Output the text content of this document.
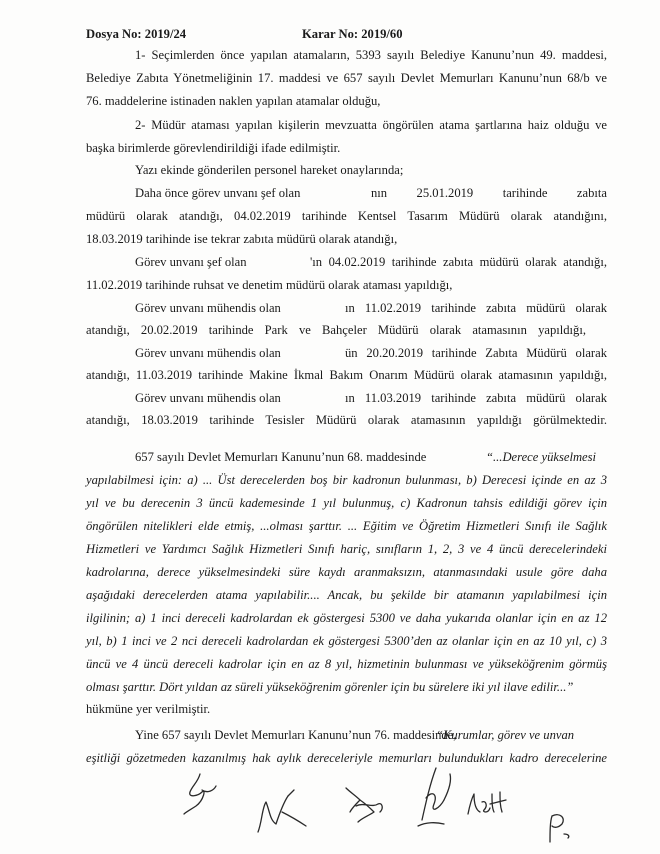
Dosya No: 2019/24	Karar No: 2019/60
1- Seçimlerden önce yapılan atamaların, 5393 sayılı Belediye Kanunu’nun 49. maddesi,
Belediye Zabıta Yönetmeliğinin 17. maddesi ve 657 sayılı Devlet Memurları Kanunu’nun 68/b ve
76. maddelerine istinaden naklen yapılan atamalar olduğu,
2- Müdür ataması yapılan kişilerin mevzuatta öngörülen atama şartlarına haiz olduğu ve
başka birimlerde görevlendirildiği ifade edilmiştir.
Yazı ekinde gönderilen personel hareket onaylarında;
Daha önce görev unvanı şef olan	nın 25.01.2019 tarihinde zabıta
müdürü olarak atandığı, 04.02.2019 tarihinde Kentsel Tasarım Müdürü olarak atandığını,
18.03.2019 tarihinde ise tekrar zabıta müdürü olarak atandığı,
Görev unvanı şef olan	'ın 04.02.2019 tarihinde zabıta müdürü olarak atandığı,
11.02.2019 tarihinde ruhsat ve denetim müdürü olarak ataması yapıldığı,
Görev unvanı mühendis olan	ın 11.02.2019 tarihinde zabıta müdürü olarak
atandığı, 20.02.2019 tarihinde Park ve Bahçeler Müdürü olarak atamasının yapıldığı,
Görev unvanı mühendis olan	ün 20.20.2019 tarihinde Zabıta Müdürü olarak
atandığı, 11.03.2019 tarihinde Makine İkmal Bakım Onarım Müdürü olarak atamasının yapıldığı,
Görev unvanı mühendis olan	ın 11.03.2019 tarihinde zabıta müdürü olarak
atandığı, 18.03.2019 tarihinde Tesisler Müdürü olarak atamasının yapıldığı görülmektedir.
657 sayılı Devlet Memurları Kanunu’nun 68. maddesinde	“...Derece yükselmesi
yapılabilmesi için: a) ... Üst derecelerden boş bir kadronun bulunması, b) Derecesi içinde en az 3
yıl ve bu derecenin 3 üncü kademesinde 1 yıl bulunmuş, c) Kadronun tahsis edildiği görev için
öngörülen nitelikleri elde etmiş, ...olması şarttır. ... Eğitim ve Öğretim Hizmetleri Sınıfı ile Sağlık
Hizmetleri ve Yardımcı Sağlık Hizmetleri Sınıfı hariç, sınıfların 1, 2, 3 ve 4 üncü derecelerindeki
kadrolarına, derece yükselmesindeki süre kaydı aranmaksızın, atanmasındaki usule göre daha
aşağıdaki derecelerden atama yapılabilir.... Ancak, bu şekilde bir atamanın yapılabilmesi için
ilgilinin; a) 1 inci dereceli kadrolardan ek göstergesi 5300 ve daha yukarıda olanlar için en az 12
yıl, b) 1 inci ve 2 nci dereceli kadrolardan ek göstergesi 5300’den az olanlar için en az 10 yıl, c) 3
üncü ve 4 üncü dereceli kadrolar için en az 8 yıl, hizmetinin bulunması ve yükseköğrenim görmüş
olması şarttır. Dört yıldan az süreli yükseköğrenim görenler için bu sürelere iki yıl ilave edilir...”
hükmüne yer verilmiştir.
Yine 657 sayılı Devlet Memurları Kanunu’nun 76. maddesinde,
“Kurumlar, görev ve unvan
eşitliği gözetmeden kazanılmış hak aylık dereceleriyle memurları bulundukları kadro derecelerine
